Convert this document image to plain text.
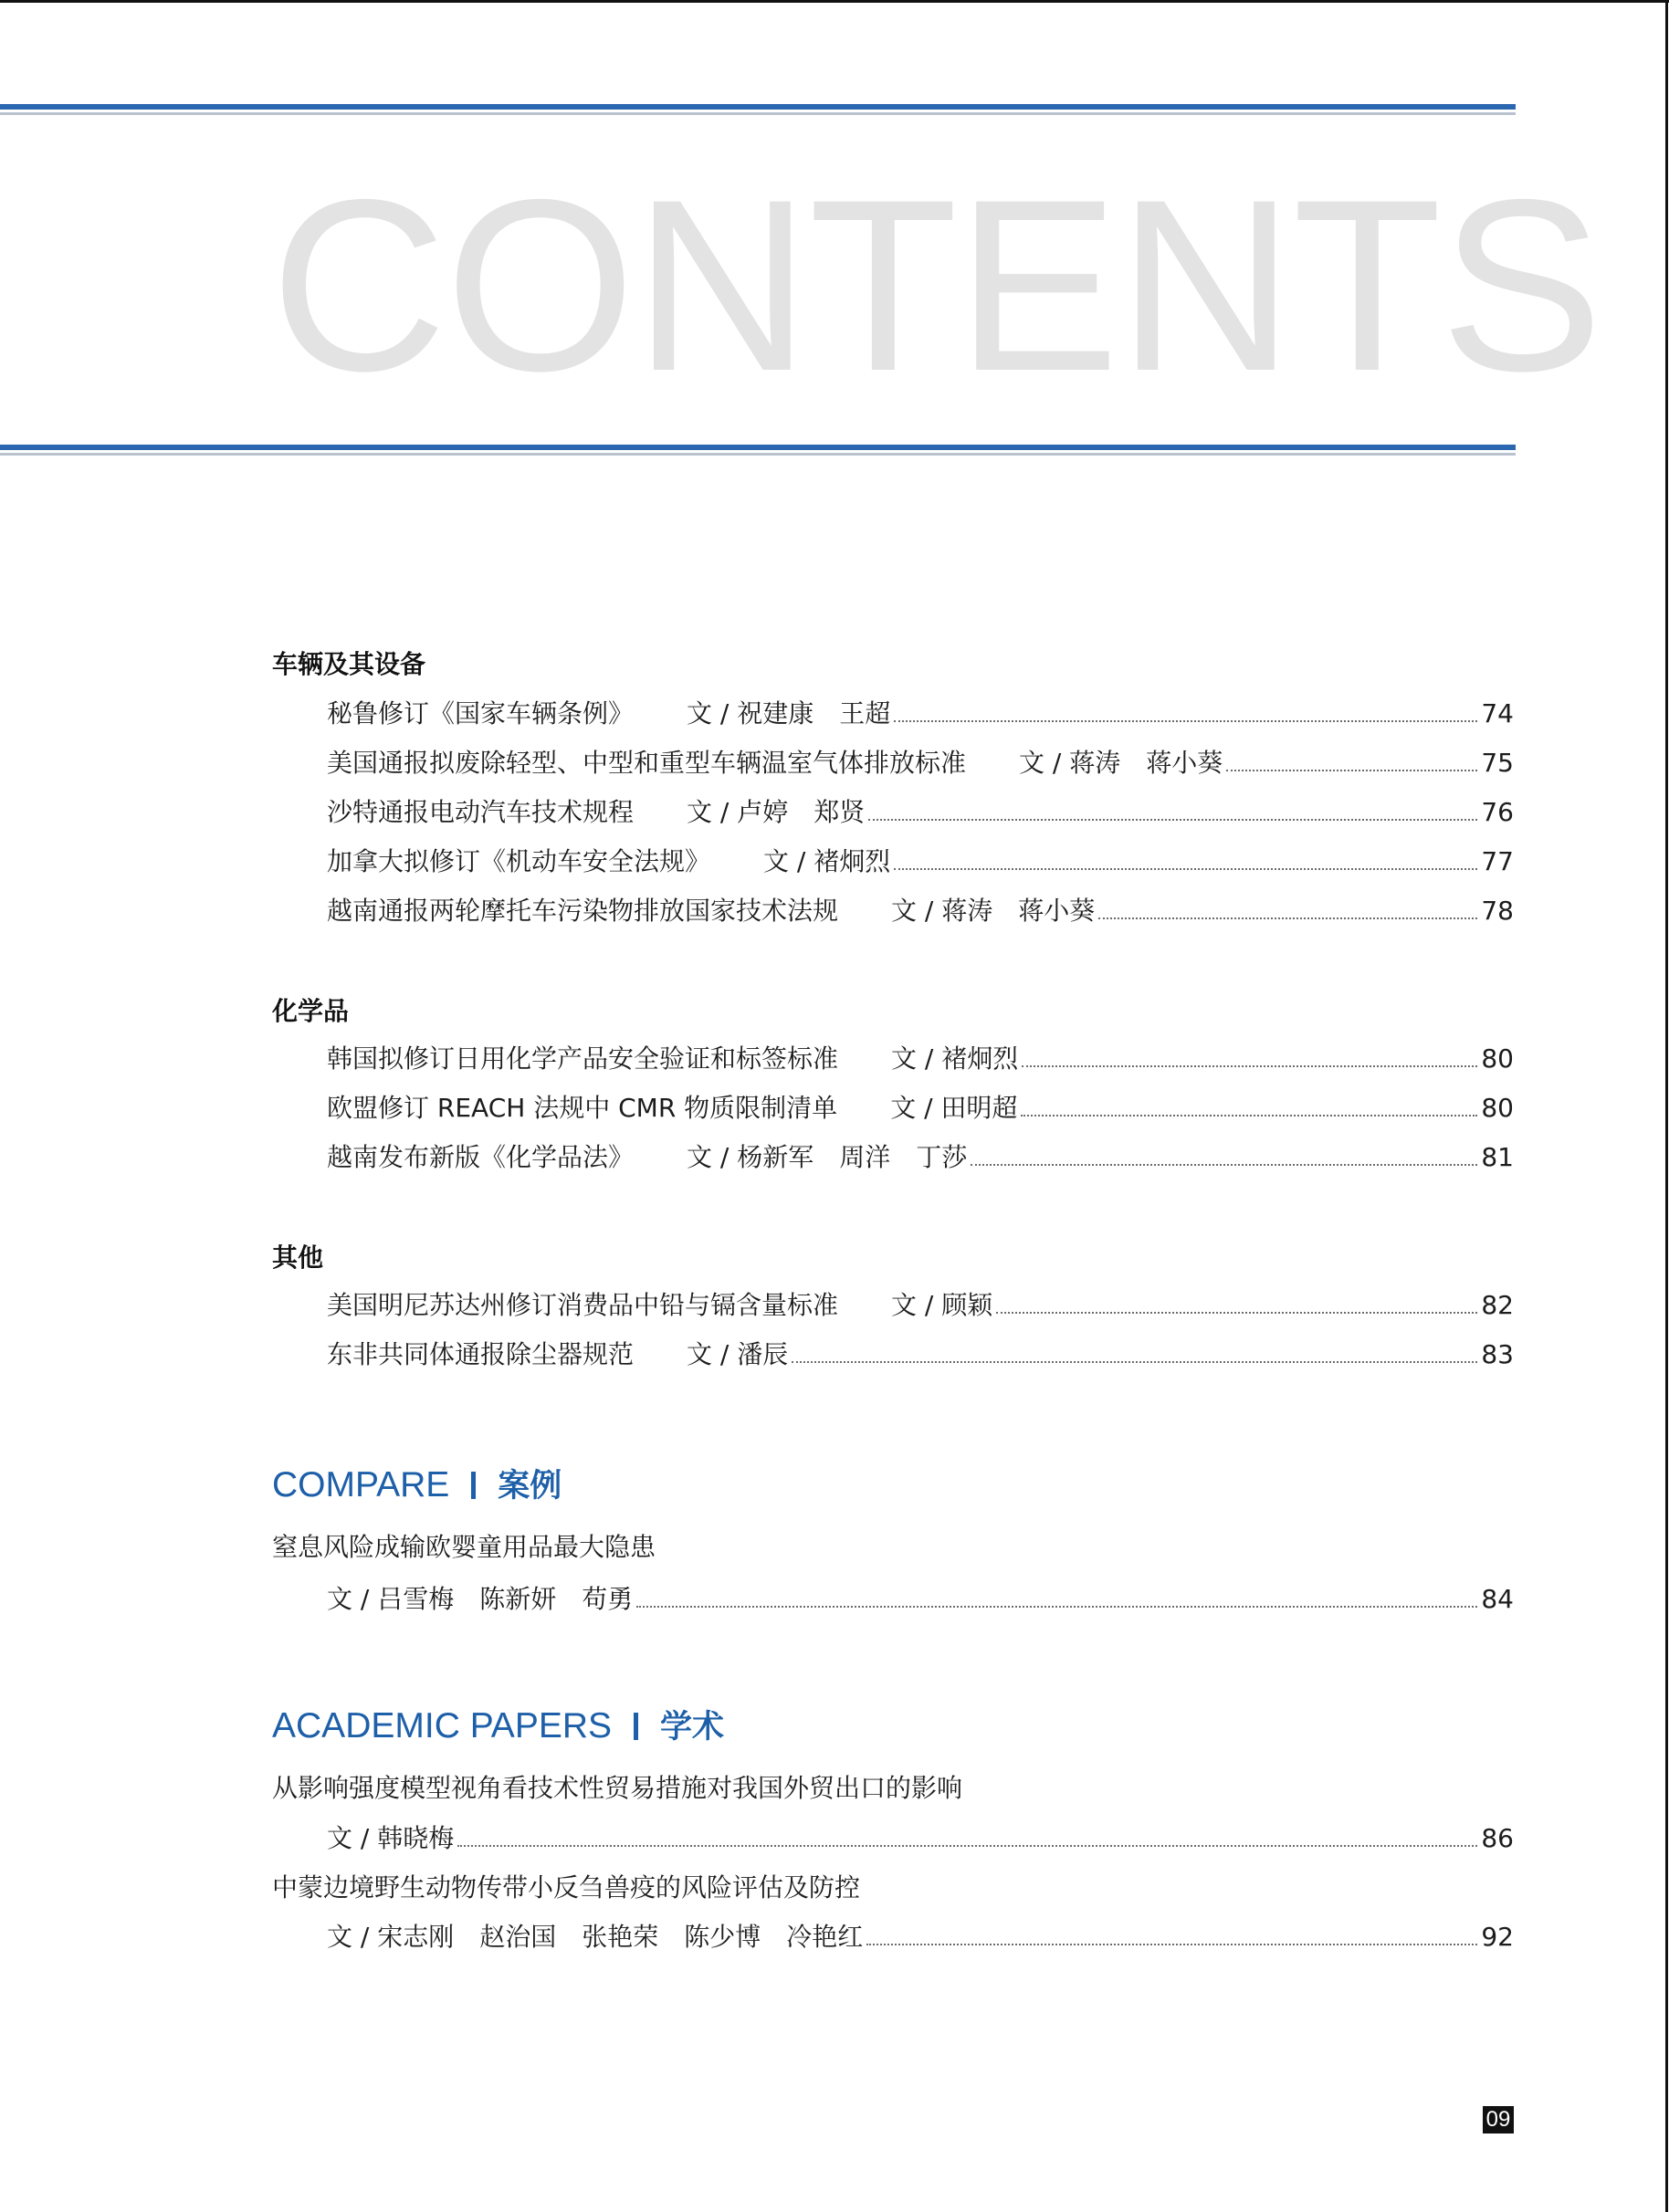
CONTENTS
车辆及其设备
秘鲁修订《国家车辆条例》 文 / 祝建康　王超	74
美国通报拟废除轻型、中型和重型车辆温室气体排放标准 文 / 蒋涛　蒋小葵	75
沙特通报电动汽车技术规程 文 / 卢婷　郑贤	76
加拿大拟修订《机动车安全法规》 文 / 褚炯烈	77
越南通报两轮摩托车污染物排放国家技术法规 文 / 蒋涛　蒋小葵	78
化学品
韩国拟修订日用化学产品安全验证和标签标准 文 / 褚炯烈	80
欧盟修订 REACH 法规中 CMR 物质限制清单 文 / 田明超	80
越南发布新版《化学品法》 文 / 杨新军　周洋　丁莎	81
其他
美国明尼苏达州修订消费品中铅与镉含量标准 文 / 顾颖	82
东非共同体通报除尘器规范 文 / 潘辰	83
COMPARE 案例
窒息风险成输欧婴童用品最大隐患
文 / 吕雪梅　陈新妍　苟勇	84
ACADEMIC PAPERS 学术
从影响强度模型视角看技术性贸易措施对我国外贸出口的影响
文 / 韩晓梅	86
中蒙边境野生动物传带小反刍兽疫的风险评估及防控
文 / 宋志刚　赵治国　张艳荣　陈少博　冷艳红	92
09
